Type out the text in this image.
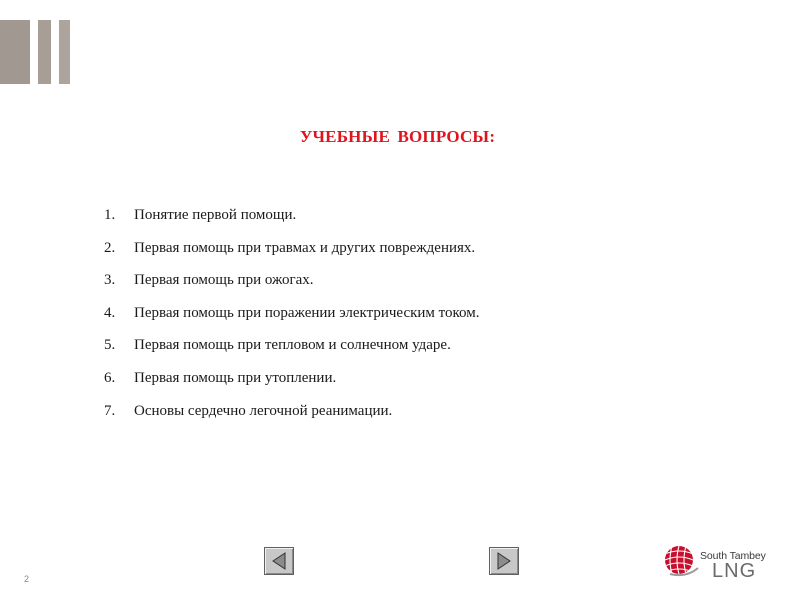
УЧЕБНЫЕ ВОПРОСЫ:
1. Понятие первой помощи.
2. Первая помощь при травмах и других повреждениях.
3. Первая помощь при ожогах.
4. Первая помощь при поражении электрическим током.
5. Первая помощь при тепловом и солнечном ударе.
6. Первая помощь при утоплении.
7. Основы сердечно легочной реанимации.
2
South Tambey
LNG
